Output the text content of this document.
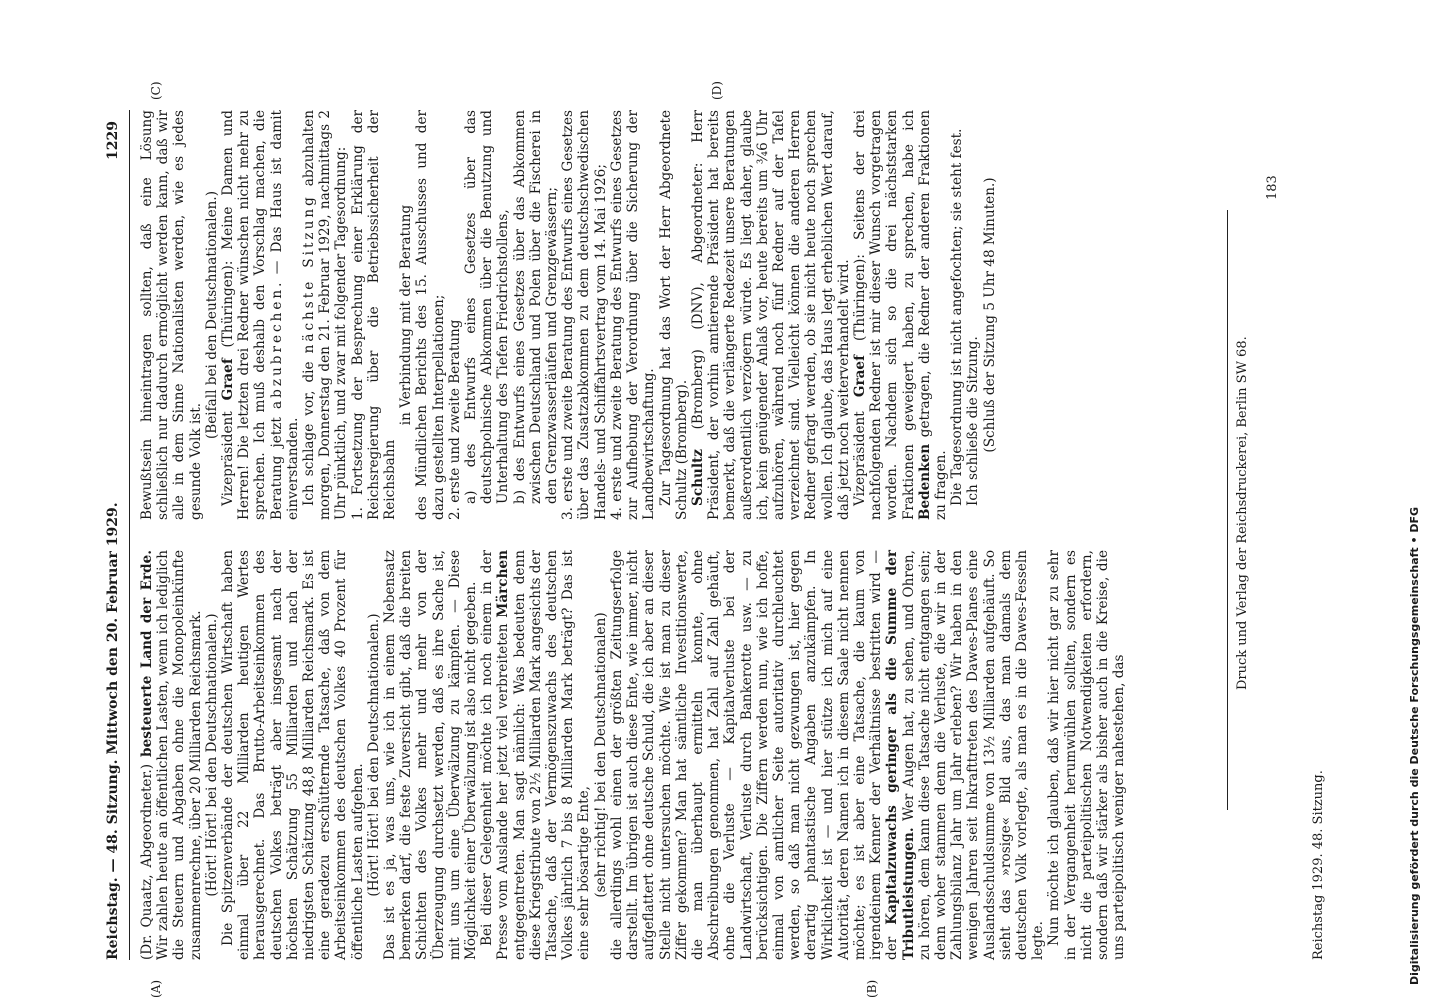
Reichstag. — 48. Sitzung. Mittwoch den 20. Februar 1929.
1229
(A)	(B)
(C)	(D)

(Dr. Quaatz, Abgeordneter.) besteuerte Land der Erde. Wir zahlen heute an öffentlichen Lasten, wenn ich lediglich die Steuern und Abgaben ohne die Monopoleinkünfte zusammenrechne, über 20 Milliarden Reichsmark. (Hört! Hört! bei den Deutschnationalen.) Die Spitzenverbände der deutschen Wirtschaft haben einmal über 22 Milliarden heutigen Wertes herausgerechnet. Das Brutto-Arbeitseinkommen des deutschen Volkes beträgt aber insgesamt nach der höchsten Schätzung 55 Milliarden und nach der niedrigsten Schätzung 48,8 Milliarden Reichsmark. Es ist eine geradezu erschütternde Tatsache, daß von dem Arbeitseinkommen des deutschen Volkes 40 Prozent für öffentliche Lasten aufgehen. (Hört! Hört! bei den Deutschnationalen.) Das ist es ja, was uns, wie ich in einem Nebensatz bemerken darf, die feste Zuversicht gibt, daß die breiten Schichten des Volkes mehr und mehr von der Überzeugung durchsetzt werden, daß es ihre Sache ist, mit uns um eine Überwälzung zu kämpfen. — Diese Möglichkeit einer Überwälzung ist also nicht gegeben. Bei dieser Gelegenheit möchte ich noch einem in der Presse vom Auslande her jetzt viel verbreiteten Märchen entgegentreten. Man sagt nämlich: Was bedeuten denn diese Kriegstribute von 2½ Milliarden Mark angesichts der Tatsache, daß der Vermögenszuwachs des deutschen Volkes jährlich 7 bis 8 Milliarden Mark beträgt? Das ist eine sehr bösartige Ente, (sehr richtig! bei den Deutschnationalen) die allerdings wohl einen der größten Zeitungserfolge darstellt. Im übrigen ist auch diese Ente, wie immer, nicht aufgeflattert ohne deutsche Schuld, die ich aber an dieser Stelle nicht untersuchen möchte. Wie ist man zu dieser Ziffer gekommen? Man hat sämtliche Investitionswerte, die man überhaupt ermitteln konnte, ohne Abschreibungen genommen, hat Zahl auf Zahl gehäuft, ohne die Verluste — Kapitalverluste bei der Landwirtschaft, Verluste durch Bankerotte usw. — zu berücksichtigen. Die Ziffern werden nun, wie ich hoffe, einmal von amtlicher Seite autoritativ durchleuchtet werden, so daß man nicht gezwungen ist, hier gegen derartig phantastische Angaben anzukämpfen. In Wirklichkeit ist — und hier stütze ich mich auf eine Autorität, deren Namen ich in diesem Saale nicht nennen möchte; es ist aber eine Tatsache, die kaum von irgendeinem Kenner der Verhältnisse bestritten wird — der Kapitalzuwachs geringer als die Summe der Tributleistungen. Wer Augen hat, zu sehen, und Ohren, zu hören, dem kann diese Tatsache nicht entgangen sein; denn woher stammen denn die Verluste, die wir in der Zahlungsbilanz Jahr um Jahr erleben? Wir haben in den wenigen Jahren seit Inkrafttreten des Dawes-Planes eine Auslandsschuldsumme von 13½ Milliarden aufgehäuft. So sieht das »rosige« Bild aus, das man damals dem deutschen Volk vorlegte, als man es in die Dawes-Fesseln legte. Nun möchte ich glauben, daß wir hier nicht gar zu sehr in der Vergangenheit herumwühlen sollten, sondern es nicht die parteipolitischen Notwendigkeiten erfordern, sondern daß wir stärker als bisher auch in die Kreise, die uns parteipolitisch weniger nahestehen, das

Bewußtsein hineintragen sollten, daß eine Lösung schließlich nur dadurch ermöglicht werden kann, daß wir alle in dem Sinne Nationalisten werden, wie es jedes gesunde Volk ist.

(Beifall bei den Deutschnationalen.)

Vizepräsident Graef (Thüringen): Meine Damen und Herren! Die letzten drei Redner wünschen nicht mehr zu sprechen. Ich muß deshalb den Vorschlag machen, die Beratung jetzt abzubrechen. — Das Haus ist damit einverstanden. Ich schlage vor, die nächste Sitzung abzuhalten morgen, Donnerstag den 21. Februar 1929, nachmittags 2 Uhr pünktlich, und zwar mit folgender Tagesordnung: 1. Fortsetzung der Besprechung einer Erklärung der Reichsregierung über die Betriebssicherheit der Reichsbahn

in Verbindung mit der Beratung des Mündlichen Berichts des 15. Ausschusses und der dazu gestellten Interpellationen; 2. erste und zweite Beratung a) des Entwurfs eines Gesetzes über das deutschpolnische Abkommen über die Benutzung und Unterhaltung des Tiefen Friedrichstollens, b) des Entwurfs eines Gesetzes über das Abkommen zwischen Deutschland und Polen über die Fischerei in den Grenzwasserläufen und Grenzgewässern; 3. erste und zweite Beratung des Entwurfs eines Gesetzes über das Zusatzabkommen zu dem deutschschwedischen Handels- und Schiffahrtsvertrag vom 14. Mai 1926; 4. erste und zweite Beratung des Entwurfs eines Gesetzes zur Aufhebung der Verordnung über die Sicherung der Landbewirtschaftung. Zur Tagesordnung hat das Wort der Herr Abgeordnete Schultz (Bromberg). Schultz (Bromberg) (DNV), Abgeordneter: Herr Präsident, der vorhin amtierende Präsident hat bereits bemerkt, daß die verlängerte Redezeit unsere Beratungen außerordentlich verzögern würde. Es liegt daher, glaube ich, kein genügender Anlaß vor, heute bereits um ¾6 Uhr aufzuhören, während noch fünf Redner auf der Tafel verzeichnet sind. Vielleicht können die anderen Herren Redner gefragt werden, ob sie nicht heute noch sprechen wollen. Ich glaube, das Haus legt erheblichen Wert darauf, daß jetzt noch weiterverhandelt wird. Vizepräsident Graef (Thüringen): Seitens der drei nachfolgenden Redner ist mir dieser Wunsch vorgetragen worden. Nachdem sich so die drei nächststarken Fraktionen geweigert haben, zu sprechen, habe ich Bedenken getragen, die Redner der anderen Fraktionen zu fragen. Die Tagesordnung ist nicht angefochten; sie steht fest. Ich schließe die Sitzung. (Schluß der Sitzung 5 Uhr 48 Minuten.)

Druck und Verlag der Reichsdruckerei, Berlin SW 68.
183
Reichstag 1929. 48. Sitzung.	Digitalisierung gefördert durch die Deutsche Forschungsgemeinschaft • DFG
